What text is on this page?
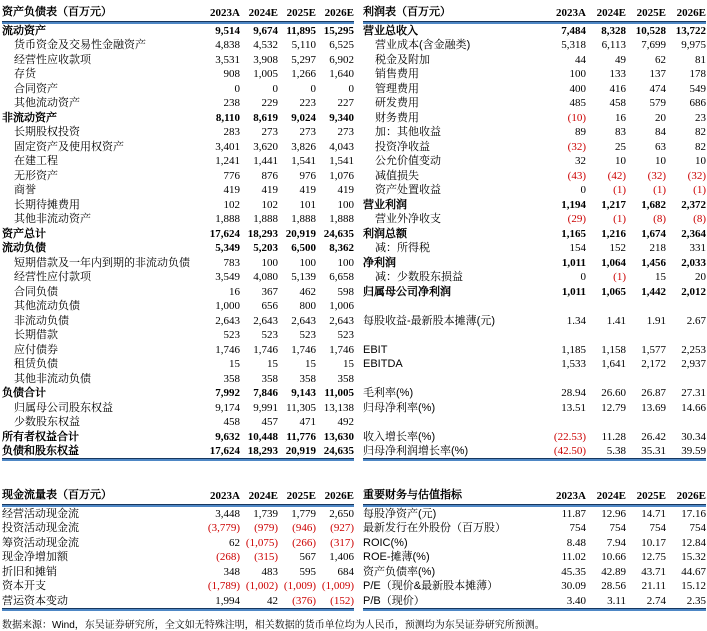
资产负债表（百万元）	2023A	2024E	2025E	2026E
流动资产	9,514	9,674	11,895	15,295
货币资金及交易性金融资产	4,838	4,532	5,110	6,525
经营性应收款项	3,531	3,908	5,297	6,902
存货	908	1,005	1,266	1,640
合同资产	0	0	0	0
其他流动资产	238	229	223	227
非流动资产	8,110	8,619	9,024	9,340
长期股权投资	283	273	273	273
固定资产及使用权资产	3,401	3,620	3,826	4,043
在建工程	1,241	1,441	1,541	1,541
无形资产	776	876	976	1,076
商誉	419	419	419	419
长期待摊费用	102	102	101	100
其他非流动资产	1,888	1,888	1,888	1,888
资产总计	17,624	18,293	20,919	24,635
流动负债	5,349	5,203	6,500	8,362
短期借款及一年内到期的非流动负债	783	100	100	100
经营性应付款项	3,549	4,080	5,139	6,658
合同负债	16	367	462	598
其他流动负债	1,000	656	800	1,006
非流动负债	2,643	2,643	2,643	2,643
长期借款	523	523	523	523
应付债券	1,746	1,746	1,746	1,746
租赁负债	15	15	15	15
其他非流动负债	358	358	358	358
负债合计	7,992	7,846	9,143	11,005
归属母公司股东权益	9,174	9,991	11,305	13,138
少数股东权益	458	457	471	492
所有者权益合计	9,632	10,448	11,776	13,630
负债和股东权益	17,624	18,293	20,919	24,635
利润表（百万元）	2023A	2024E	2025E	2026E
营业总收入	7,484	8,328	10,528	13,722
营业成本(含金融类)	5,318	6,113	7,699	9,975
税金及附加	44	49	62	81
销售费用	100	133	137	178
管理费用	400	416	474	549
研发费用	485	458	579	686
财务费用	(10)	16	20	23
加：其他收益	89	83	84	82
投资净收益	(32)	25	63	82
公允价值变动	32	10	10	10
减值损失	(43)	(42)	(32)	(32)
资产处置收益	0	(1)	(1)	(1)
营业利润	1,194	1,217	1,682	2,372
营业外净收支	(29)	(1)	(8)	(8)
利润总额	1,165	1,216	1,674	2,364
减：所得税	154	152	218	331
净利润	1,011	1,064	1,456	2,033
减：少数股东损益	0	(1)	15	20
归属母公司净利润	1,011	1,065	1,442	2,012

每股收益-最新股本摊薄(元)	1.34	1.41	1.91	2.67

EBIT	1,185	1,158	1,577	2,253
EBITDA	1,533	1,641	2,172	2,937

毛利率(%)	28.94	26.60	26.87	27.31
归母净利率(%)	13.51	12.79	13.69	14.66

收入增长率(%)	(22.53)	11.28	26.42	30.34
归母净利润增长率(%)	(42.50)	5.38	35.31	39.59
现金流量表（百万元）	2023A	2024E	2025E	2026E
经营活动现金流	3,448	1,739	1,779	2,650
投资活动现金流	(3,779)	(979)	(946)	(927)
筹资活动现金流	62	(1,075)	(266)	(317)
现金净增加额	(268)	(315)	567	1,406
折旧和摊销	348	483	595	684
资本开支	(1,789)	(1,002)	(1,009)	(1,009)
营运资本变动	1,994	42	(376)	(152)
重要财务与估值指标	2023A	2024E	2025E	2026E
每股净资产(元)	11.87	12.96	14.71	17.16
最新发行在外股份（百万股）	754	754	754	754
ROIC(%)	8.48	7.94	10.17	12.84
ROE-摊薄(%)	11.02	10.66	12.75	15.32
资产负债率(%)	45.35	42.89	43.71	44.67
P/E（现价&最新股本摊薄）	30.09	28.56	21.11	15.12
P/B（现价）	3.40	3.11	2.74	2.35
数据来源：Wind，东吴证券研究所，全文如无特殊注明，相关数据的货币单位均为人民币，预测均为东吴证券研究所预测。
